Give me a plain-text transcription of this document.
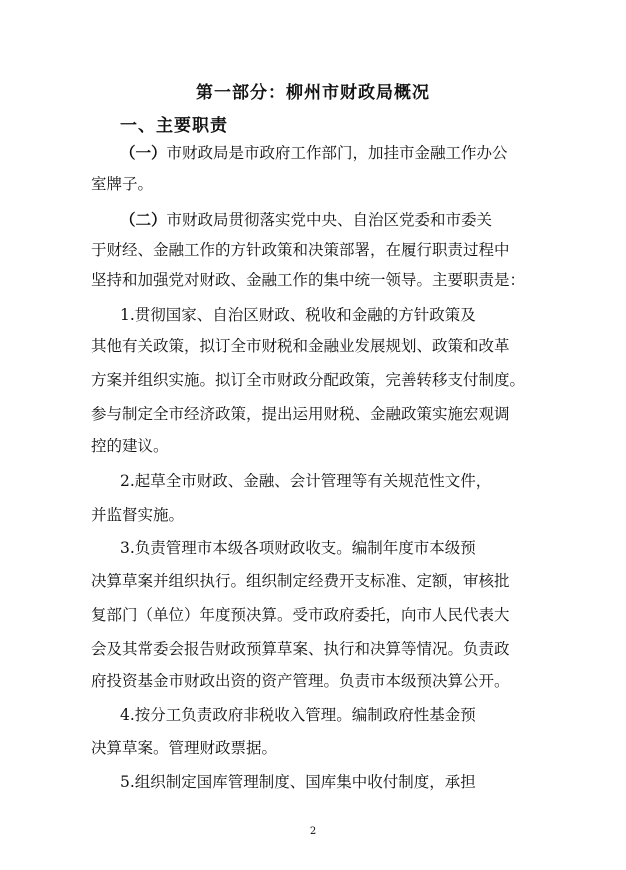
第一部分：柳州市财政局概况
一、主要职责
（一）市财政局是市政府工作部门，加挂市金融工作办公
室牌子。
（二）市财政局贯彻落实党中央、自治区党委和市委关
于财经、金融工作的方针政策和决策部署，在履行职责过程中
坚持和加强党对财政、金融工作的集中统一领导。主要职责是：
1.贯彻国家、自治区财政、税收和金融的方针政策及
其他有关政策，拟订全市财税和金融业发展规划、政策和改革
方案并组织实施。拟订全市财政分配政策，完善转移支付制度。
参与制定全市经济政策，提出运用财税、金融政策实施宏观调
控的建议。
2.起草全市财政、金融、会计管理等有关规范性文件，
并监督实施。
3.负责管理市本级各项财政收支。编制年度市本级预
决算草案并组织执行。组织制定经费开支标准、定额，审核批
复部门（单位）年度预决算。受市政府委托，向市人民代表大
会及其常委会报告财政预算草案、执行和决算等情况。负责政
府投资基金市财政出资的资产管理。负责市本级预决算公开。
4.按分工负责政府非税收入管理。编制政府性基金预
决算草案。管理财政票据。
5.组织制定国库管理制度、国库集中收付制度，承担
2
